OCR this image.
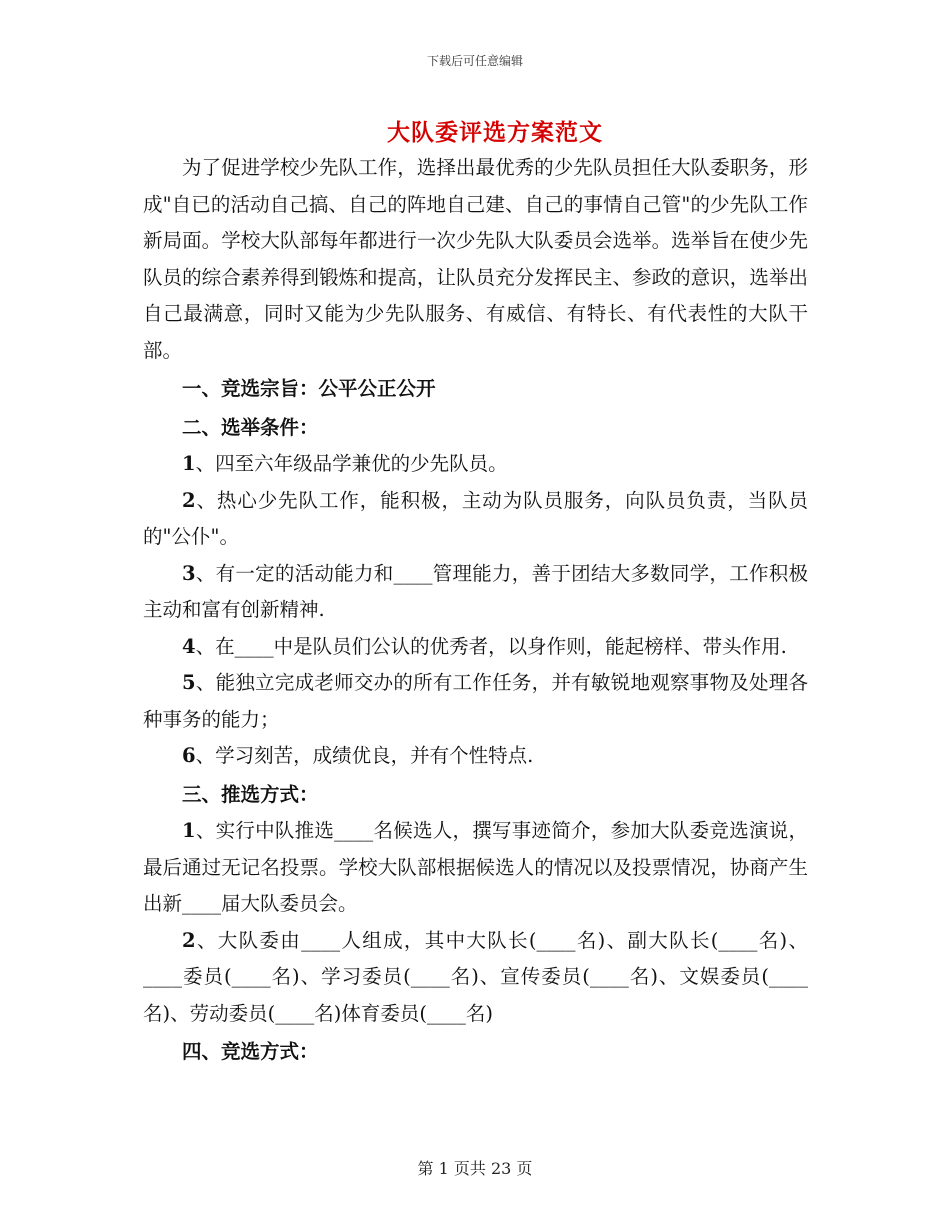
下载后可任意编辑
大队委评选方案范文

为了促进学校少先队工作，选择出最优秀的少先队员担任大队委职务，形成"自已的活动自己搞、自己的阵地自己建、自己的事情自己管"的少先队工作新局面。学校大队部每年都进行一次少先队大队委员会选举。选举旨在使少先队员的综合素养得到锻炼和提高，让队员充分发挥民主、参政的意识，选举出自己最满意，同时又能为少先队服务、有威信、有特长、有代表性的大队干部。

一、竞选宗旨：公平公正公开

二、选举条件：

1、四至六年级品学兼优的少先队员。

2、热心少先队工作，能积极，主动为队员服务，向队员负责，当队员的"公仆"。

3、有一定的活动能力和____管理能力，善于团结大多数同学，工作积极主动和富有创新精神.

4、在____中是队员们公认的优秀者，以身作则，能起榜样、带头作用.

5、能独立完成老师交办的所有工作任务，并有敏锐地观察事物及处理各种事务的能力；

6、学习刻苦，成绩优良，并有个性特点.

三、推选方式：

1、实行中队推选____名候选人，撰写事迹简介，参加大队委竞选演说，最后通过无记名投票。学校大队部根据候选人的情况以及投票情况，协商产生出新____届大队委员会。

2、大队委由____人组成，其中大队长(____名)、副大队长(____名)、____委员(____名)、学习委员(____名)、宣传委员(____名)、文娱委员(____名)、劳动委员(____名)体育委员(____名)

四、竞选方式：

第 1 页共 23 页
